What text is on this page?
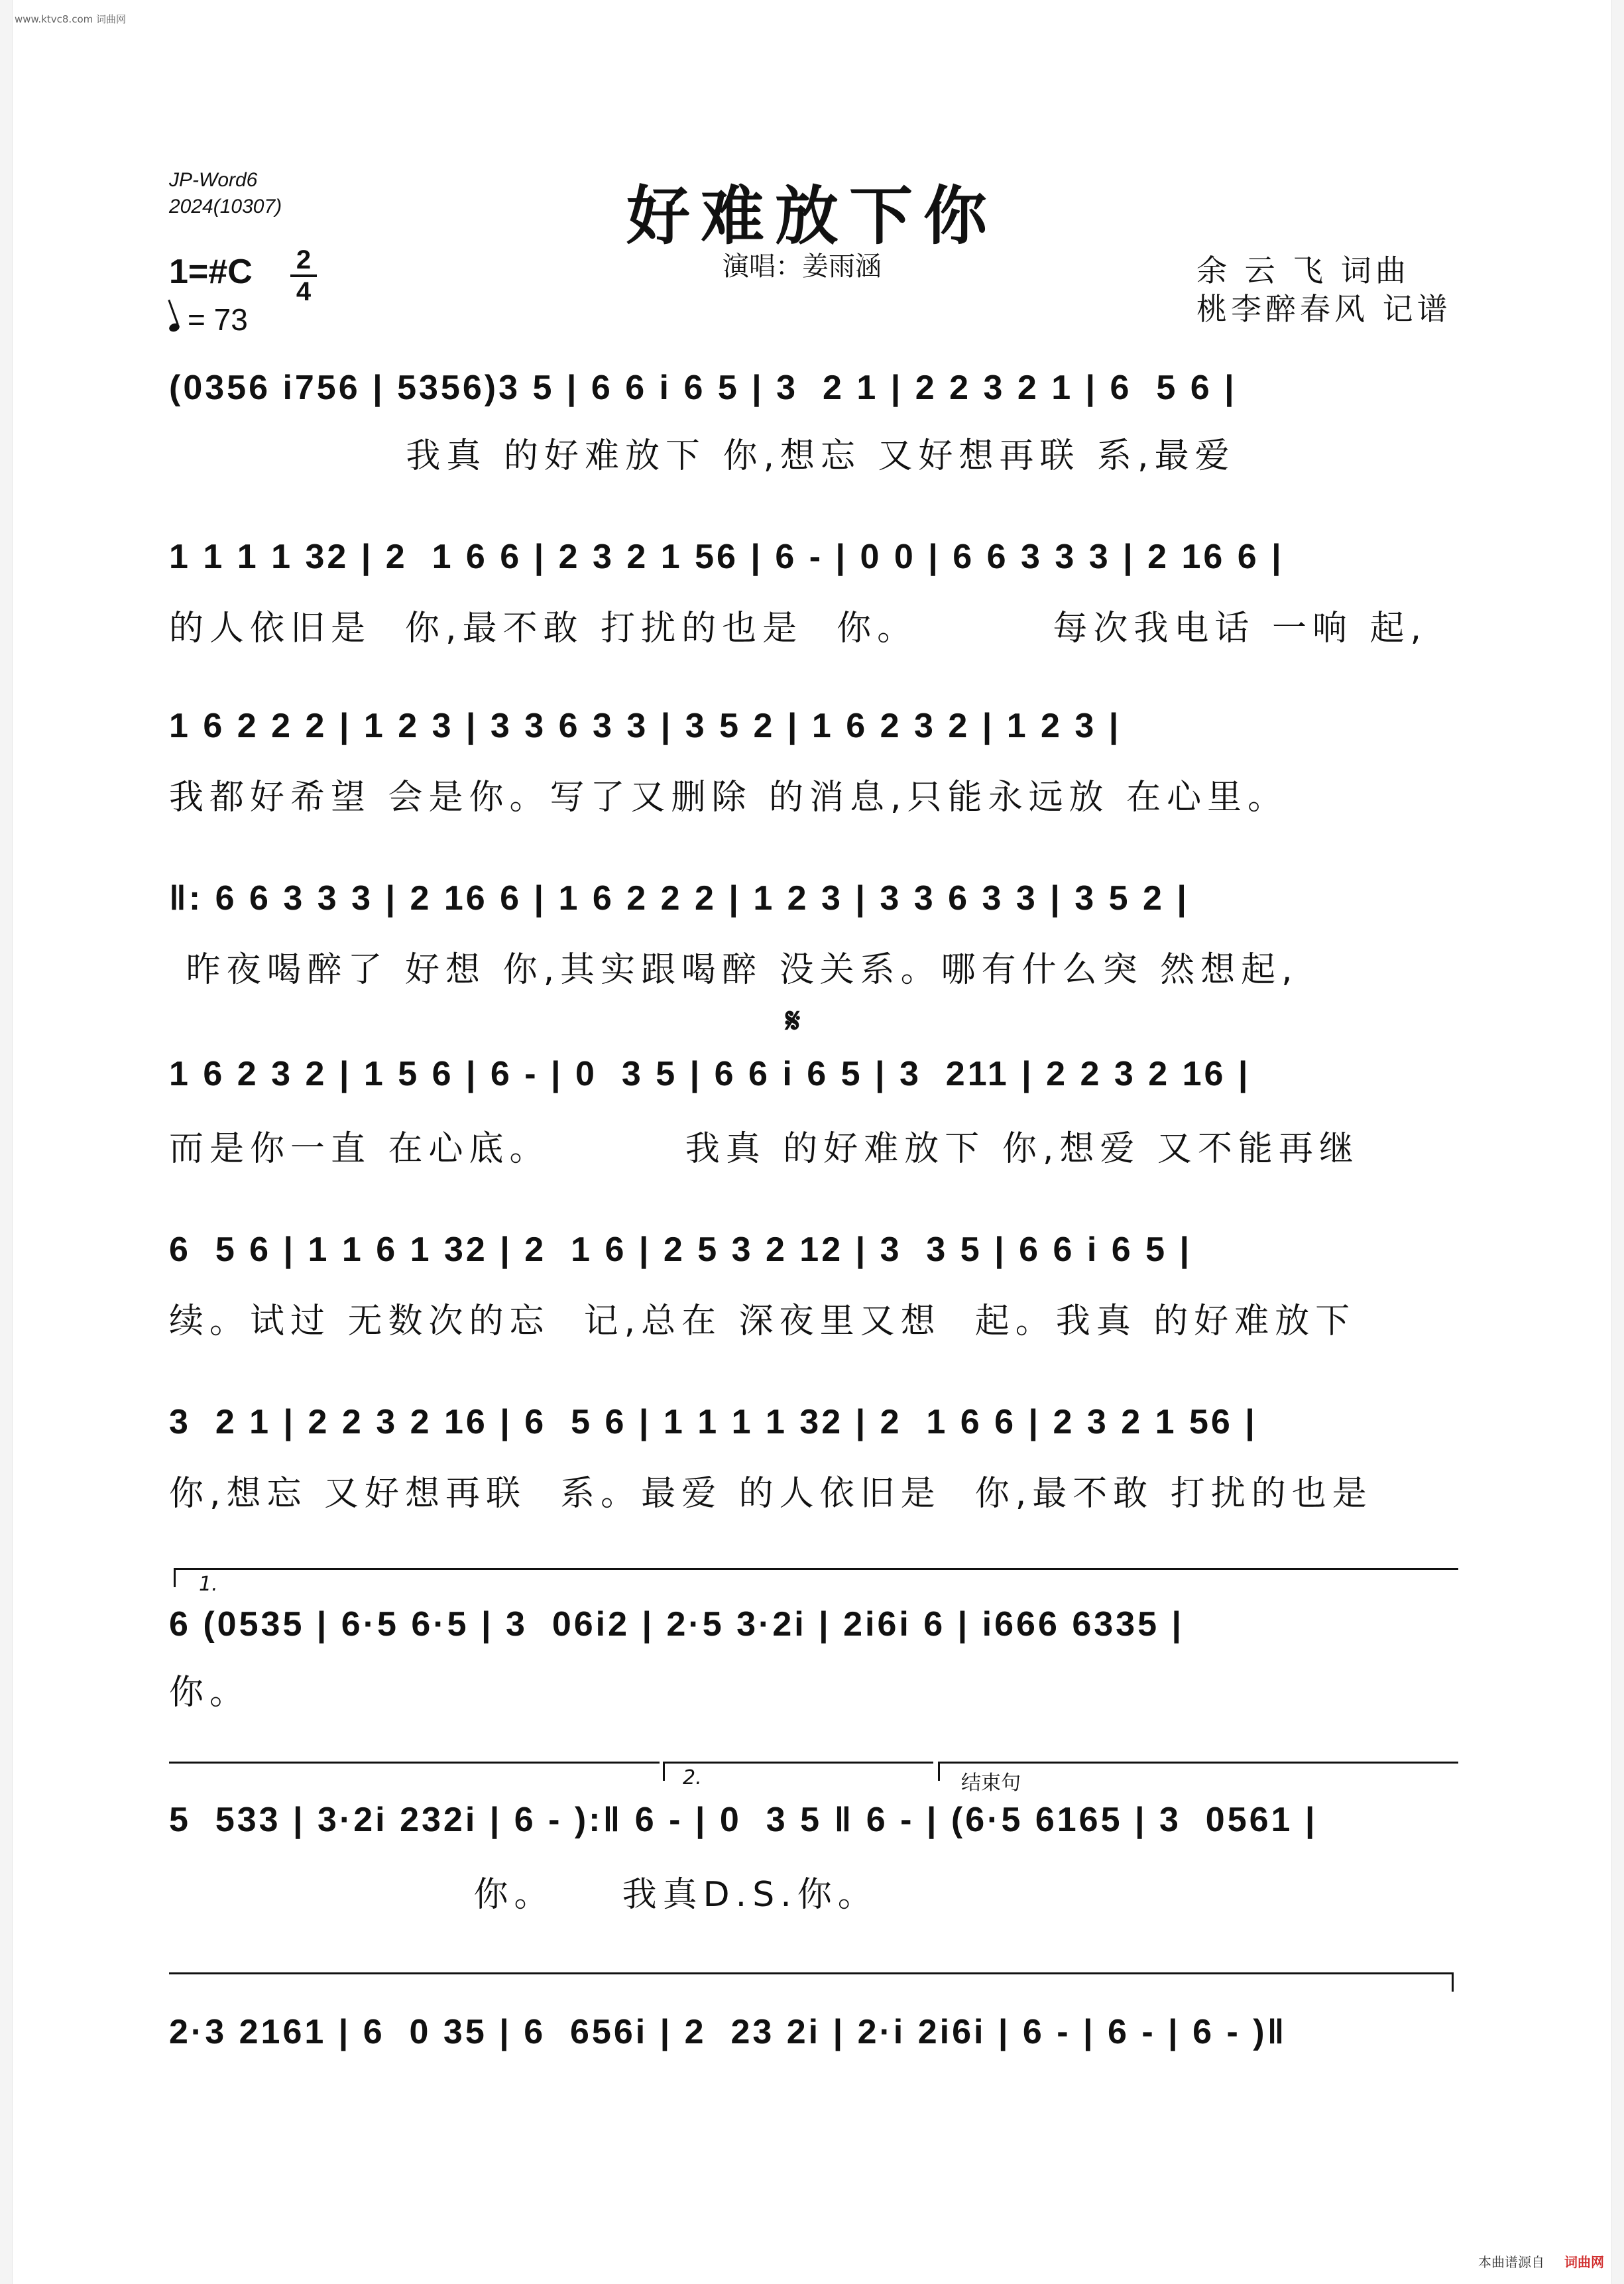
www.ktvc8.com 词曲网
JP-Word6
2024(10307)	好难放下你
演唱：姜雨涵	余 云 飞 词曲
桃李醉春风 记谱
1=#C 2
4
= 73
(0356 i756 | 5356)3 5 | 6 6 i 6 5 | 3  2 1 | 2 2 3 2 1 | 6  5 6 |
我真 的好难放下 你,想忘 又好想再联 系,最爱
1 1 1 1 32 | 2  1 6 6 | 2 3 2 1 56 | 6 - | 0 0 | 6 6 3 3 3 | 2 16 6 |
的人依旧是  你,最不敢 打扰的也是  你。        每次我电话 一响 起,
1 6 2 2 2 | 1 2 3 | 3 3 6 3 3 | 3 5 2 | 1 6 2 3 2 | 1 2 3 |
我都好希望 会是你。写了又删除 的消息,只能永远放 在心里。
‖: 6 6 3 3 3 | 2 16 6 | 1 6 2 2 2 | 1 2 3 | 3 3 6 3 3 | 3 5 2 |
昨夜喝醉了 好想 你,其实跟喝醉 没关系。哪有什么突 然想起,
𝄋
1 6 2 3 2 | 1 5 6 | 6 - | 0  3 5 | 6 6 i 6 5 | 3  211 | 2 2 3 2 16 |
而是你一直 在心底。        我真 的好难放下 你,想爱 又不能再继
6  5 6 | 1 1 6 1 32 | 2  1 6 | 2 5 3 2 12 | 3  3 5 | 6 6 i 6 5 |
续。试过 无数次的忘  记,总在 深夜里又想  起。我真 的好难放下
3  2 1 | 2 2 3 2 16 | 6  5 6 | 1 1 1 1 32 | 2  1 6 6 | 2 3 2 1 56 |
你,想忘 又好想再联  系。最爱 的人依旧是  你,最不敢 打扰的也是
1.
6 (0535 | 6·5 6·5 | 3  06i2 | 2·5 3·2i | 2i6i 6 | i666 6335 |
你。
2.	结束句
5  533 | 3·2i 232i | 6 - ):‖ 6 - | 0  3 5 ‖ 6 - | (6·5 6165 | 3  0561 |
你。    我真D.S.你。
2·3 2161 | 6  0 35 | 6  656i | 2  23 2i | 2·i 2i6i | 6 - | 6 - | 6 - )‖
本曲谱源自 词曲网
